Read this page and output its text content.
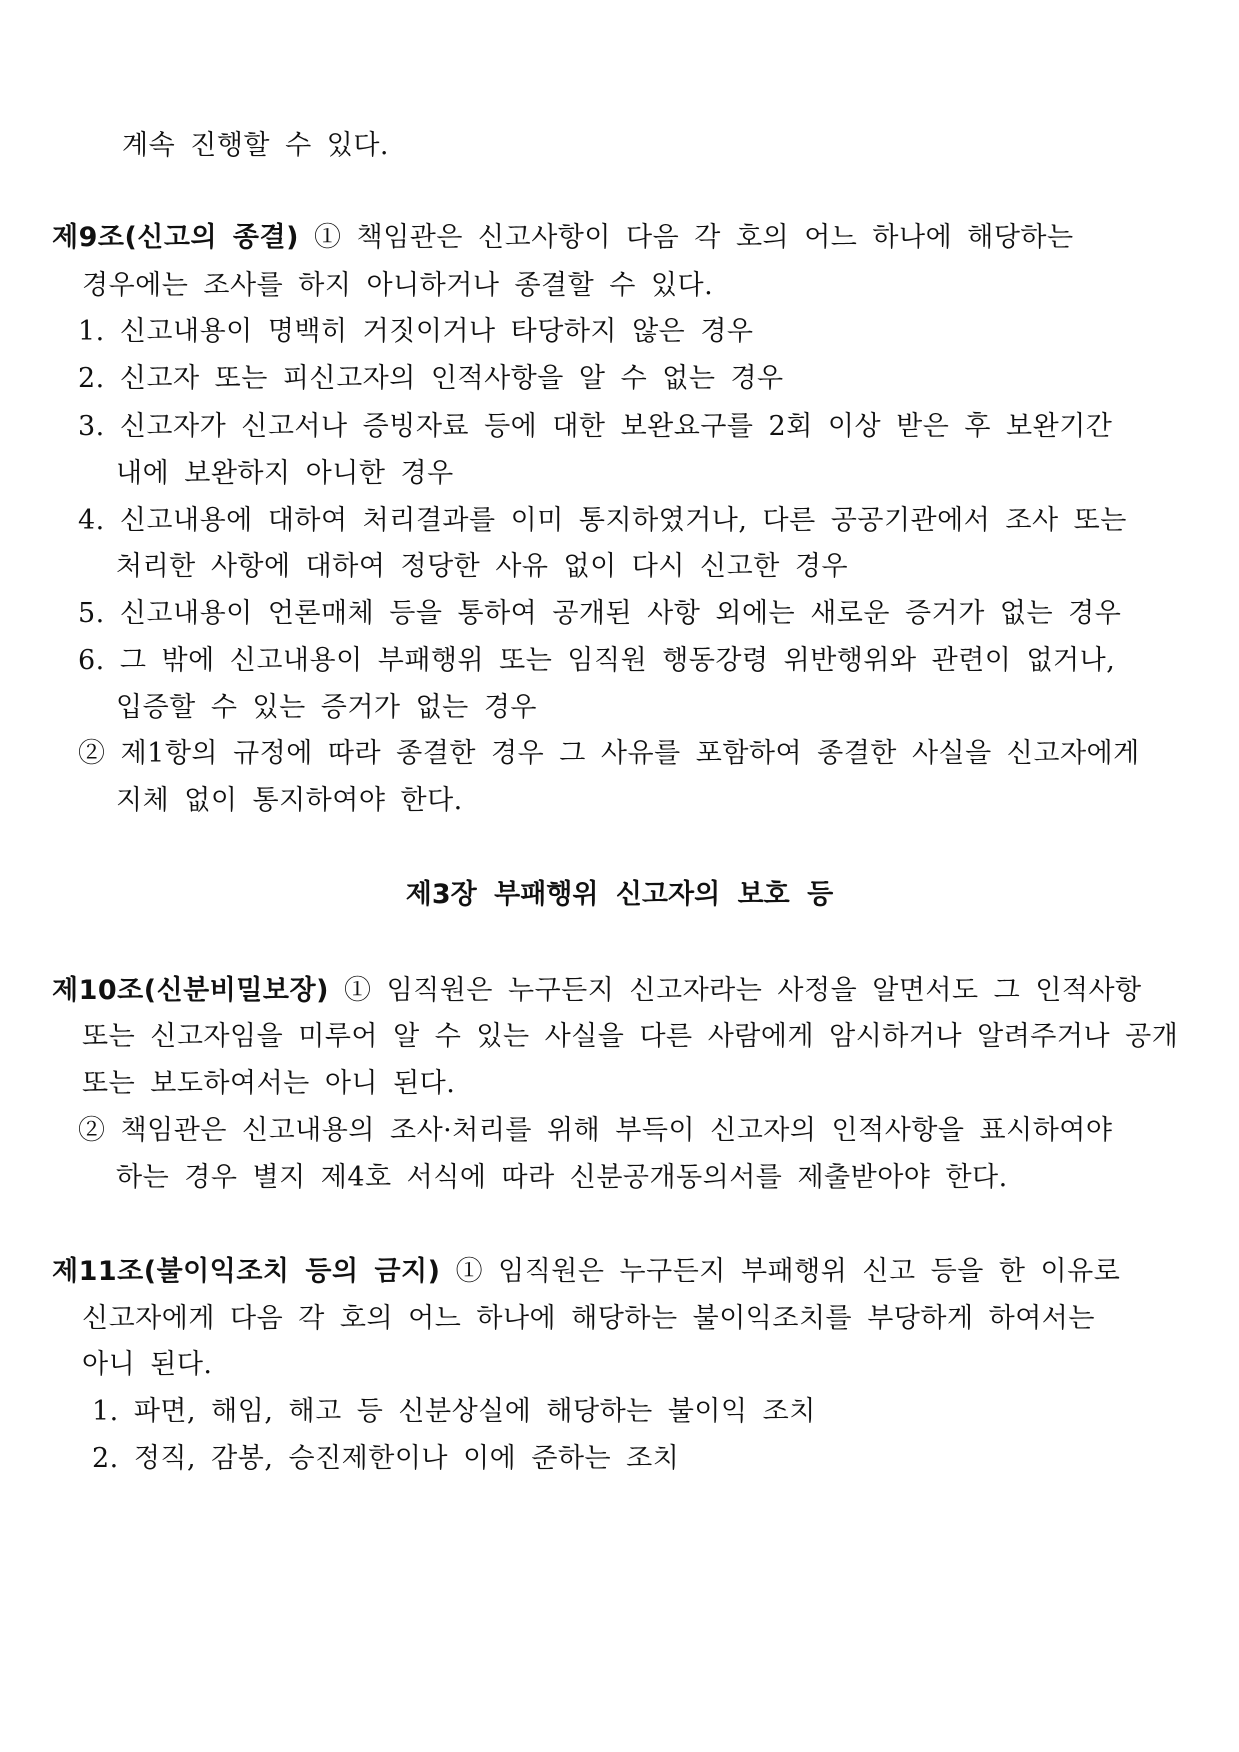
계속 진행할 수 있다.
제9조(신고의 종결) ① 책임관은 신고사항이 다음 각 호의 어느 하나에 해당하는
경우에는 조사를 하지 아니하거나 종결할 수 있다.
1. 신고내용이 명백히 거짓이거나 타당하지 않은 경우
2. 신고자 또는 피신고자의 인적사항을 알 수 없는 경우
3. 신고자가 신고서나 증빙자료 등에 대한 보완요구를 2회 이상 받은 후 보완기간
내에 보완하지 아니한 경우
4. 신고내용에 대하여 처리결과를 이미 통지하였거나, 다른 공공기관에서 조사 또는
처리한 사항에 대하여 정당한 사유 없이 다시 신고한 경우
5. 신고내용이 언론매체 등을 통하여 공개된 사항 외에는 새로운 증거가 없는 경우
6. 그 밖에 신고내용이 부패행위 또는 임직원 행동강령 위반행위와 관련이 없거나,
입증할 수 있는 증거가 없는 경우
② 제1항의 규정에 따라 종결한 경우 그 사유를 포함하여 종결한 사실을 신고자에게
지체 없이 통지하여야 한다.
제3장 부패행위 신고자의 보호 등
제10조(신분비밀보장) ① 임직원은 누구든지 신고자라는 사정을 알면서도 그 인적사항
또는 신고자임을 미루어 알 수 있는 사실을 다른 사람에게 암시하거나 알려주거나 공개
또는 보도하여서는 아니 된다.
② 책임관은 신고내용의 조사·처리를 위해 부득이 신고자의 인적사항을 표시하여야
하는 경우 별지 제4호 서식에 따라 신분공개동의서를 제출받아야 한다.
제11조(불이익조치 등의 금지) ① 임직원은 누구든지 부패행위 신고 등을 한 이유로
신고자에게 다음 각 호의 어느 하나에 해당하는 불이익조치를 부당하게 하여서는
아니 된다.
1. 파면, 해임, 해고 등 신분상실에 해당하는 불이익 조치
2. 정직, 감봉, 승진제한이나 이에 준하는 조치
